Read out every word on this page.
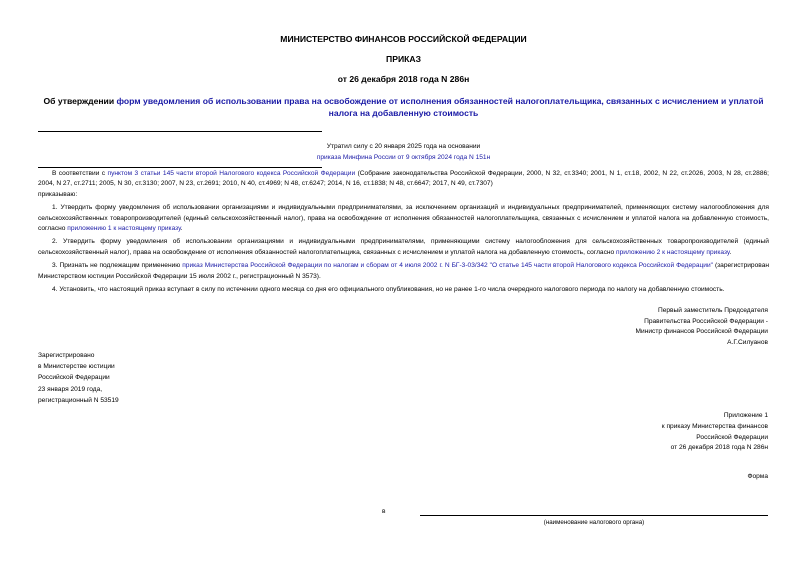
МИНИСТЕРСТВО ФИНАНСОВ РОССИЙСКОЙ ФЕДЕРАЦИИ
ПРИКАЗ
от 26 декабря 2018 года N 286н
Об утверждении форм уведомления об использовании права на освобождение от исполнения обязанностей налогоплательщика, связанных с исчислением и уплатой налога на добавленную стоимость
Утратил силу с 20 января 2025 года на основании
приказа Минфина России от 9 октября 2024 года N 151н
В соответствии с пунктом 3 статьи 145 части второй Налогового кодекса Российской Федерации (Собрание законодательства Российской Федерации, 2000, N 32, ст.3340; 2001, N 1, ст.18, 2002, N 22, ст.2026, 2003, N 28, ст.2886; 2004, N 27, ст.2711; 2005, N 30, ст.3130; 2007, N 23, ст.2691; 2010, N 40, ст.4969; N 48, ст.6247; 2014, N 16, ст.1838; N 48, ст.6647; 2017, N 49, ст.7307)
приказываю:
1. Утвердить форму уведомления об использовании организациями и индивидуальными предпринимателями, за исключением организаций и индивидуальных предпринимателей, применяющих систему налогообложения для сельскохозяйственных товаропроизводителей (единый сельскохозяйственный налог), права на освобождение от исполнения обязанностей налогоплательщика, связанных с исчислением и уплатой налога на добавленную стоимость, согласно приложению 1 к настоящему приказу.
2. Утвердить форму уведомления об использовании организациями и индивидуальными предпринимателями, применяющими систему налогообложения для сельскохозяйственных товаропроизводителей (единый сельскохозяйственный налог), права на освобождение от исполнения обязанностей налогоплательщика, связанных с исчислением и уплатой налога на добавленную стоимость, согласно приложению 2 к настоящему приказу.
3. Признать не подлежащим применению приказ Министерства Российской Федерации по налогам и сборам от 4 июля 2002 г. N БГ-3-03/342 "О статье 145 части второй Налогового кодекса Российской Федерации" (зарегистрирован Министерством юстиции Российской Федерации 15 июля 2002 г., регистрационный N 3573).
4. Установить, что настоящий приказ вступает в силу по истечении одного месяца со дня его официального опубликования, но не ранее 1-го числа очередного налогового периода по налогу на добавленную стоимость.
Первый заместитель Председателя
Правительства Российской Федерации -
Министр финансов Российской Федерации
А.Г.Силуанов
Зарегистрировано
в Министерстве юстиции
Российской Федерации
23 января 2019 года,
регистрационный N 53519
Приложение 1
к приказу Министерства финансов
Российской Федерации
от 26 декабря 2018 года N 286н
Форма
в
(наименование налогового органа)
